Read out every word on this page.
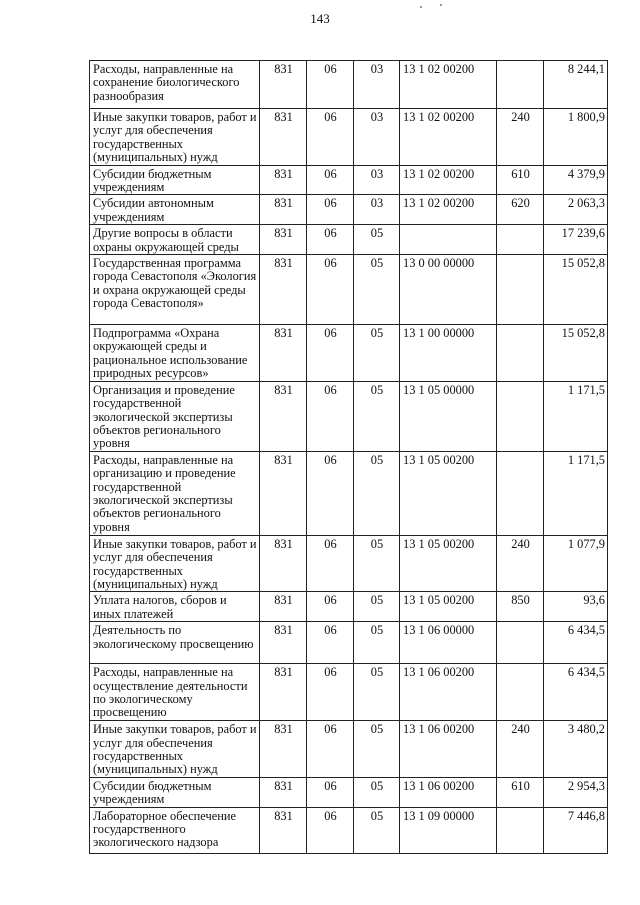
143
Расходы, направленные на сохранение биологического разнообразия	831	06	03	13 1 02 00200		8 244,1
Иные закупки товаров, работ и услуг для обеспечения государственных (муниципальных) нужд	831	06	03	13 1 02 00200	240	1 800,9
Субсидии бюджетным учреждениям	831	06	03	13 1 02 00200	610	4 379,9
Субсидии автономным учреждениям	831	06	03	13 1 02 00200	620	2 063,3
Другие вопросы в области охраны окружающей среды	831	06	05			17 239,6
Государственная программа города Севастополя «Экология и охрана окружающей среды города Севастополя»	831	06	05	13 0 00 00000		15 052,8
Подпрограмма «Охрана окружающей среды и рациональное использование природных ресурсов»	831	06	05	13 1 00 00000		15 052,8
Организация и проведение государственной экологической экспертизы объектов регионального уровня	831	06	05	13 1 05 00000		1 171,5
Расходы, направленные на организацию и проведение государственной экологической экспертизы объектов регионального уровня	831	06	05	13 1 05 00200		1 171,5
Иные закупки товаров, работ и услуг для обеспечения государственных (муниципальных) нужд	831	06	05	13 1 05 00200	240	1 077,9
Уплата налогов, сборов и иных платежей	831	06	05	13 1 05 00200	850	93,6
Деятельность по экологическому просвещению	831	06	05	13 1 06 00000		6 434,5
Расходы, направленные на осуществление деятельности по экологическому просвещению	831	06	05	13 1 06 00200		6 434,5
Иные закупки товаров, работ и услуг для обеспечения государственных (муниципальных) нужд	831	06	05	13 1 06 00200	240	3 480,2
Субсидии бюджетным учреждениям	831	06	05	13 1 06 00200	610	2 954,3
Лабораторное обеспечение государственного экологического надзора	831	06	05	13 1 09 00000		7 446,8
